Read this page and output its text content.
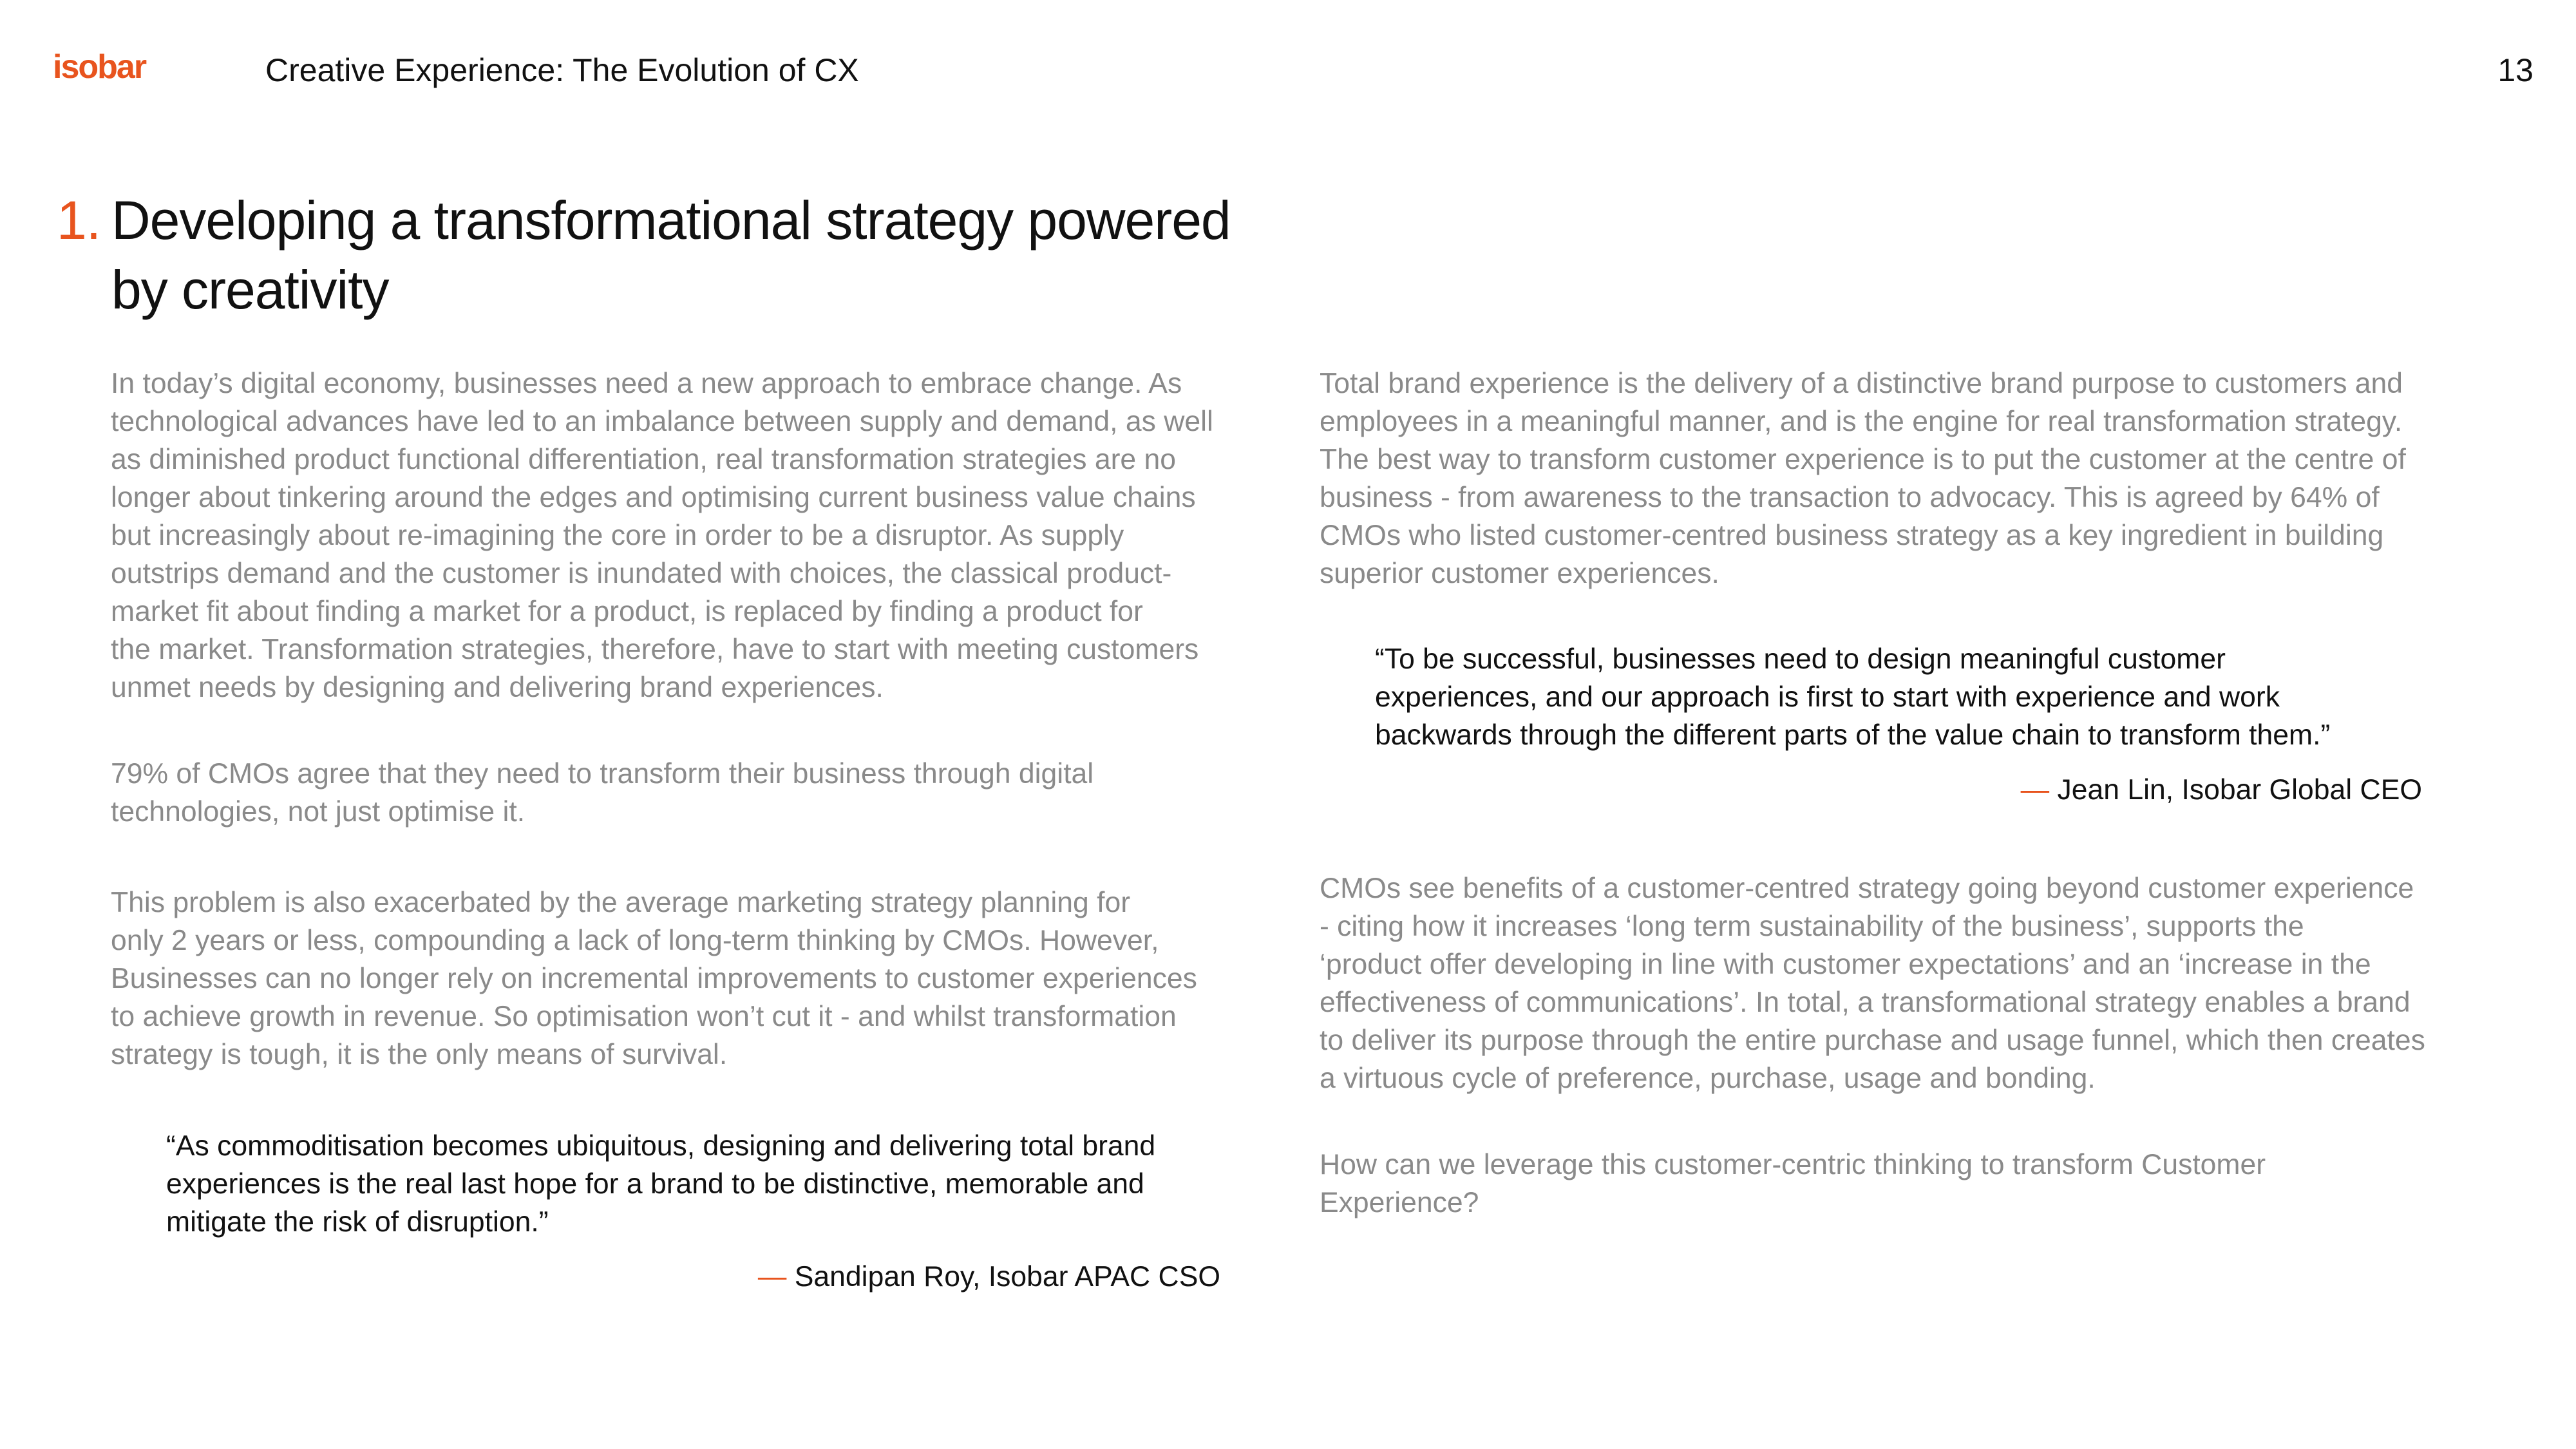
isobar	Creative Experience: The Evolution of CX	13
1. Developing a transformational strategy powered
by creativity

In today’s digital economy, businesses need a new approach to embrace change. As

technological advances have led to an imbalance between supply and demand, as well

as diminished product functional differentiation, real transformation strategies are no

longer about tinkering around the edges and optimising current business value chains

but increasingly about re-imagining the core in order to be a disruptor. As supply

outstrips demand and the customer is inundated with choices, the classical product-

market fit about finding a market for a product, is replaced by finding a product for

the market. Transformation strategies, therefore, have to start with meeting customers

unmet needs by designing and delivering brand experiences.

79% of CMOs agree that they need to transform their business through digital

technologies, not just optimise it.

This problem is also exacerbated by the average marketing strategy planning for

only 2 years or less, compounding a lack of long-term thinking by CMOs. However,

Businesses can no longer rely on incremental improvements to customer experiences

to achieve growth in revenue. So optimisation won’t cut it - and whilst transformation

strategy is tough, it is the only means of survival.

“As commoditisation becomes ubiquitous, designing and delivering total brand

experiences is the real last hope for a brand to be distinctive, memorable and

mitigate the risk of disruption.”

— Sandipan Roy, Isobar APAC CSO

Total brand experience is the delivery of a distinctive brand purpose to customers and

employees in a meaningful manner, and is the engine for real transformation strategy.

The best way to transform customer experience is to put the customer at the centre of

business - from awareness to the transaction to advocacy. This is agreed by 64% of

CMOs who listed customer-centred business strategy as a key ingredient in building

superior customer experiences.

“To be successful, businesses need to design meaningful customer

experiences, and our approach is first to start with experience and work

backwards through the different parts of the value chain to transform them.”

— Jean Lin, Isobar Global CEO

CMOs see benefits of a customer-centred strategy going beyond customer experience

- citing how it increases ‘long term sustainability of the business’, supports the

‘product offer developing in line with customer expectations’ and an ‘increase in the

effectiveness of communications’. In total, a transformational strategy enables a brand

to deliver its purpose through the entire purchase and usage funnel, which then creates

a virtuous cycle of preference, purchase, usage and bonding.

How can we leverage this customer-centric thinking to transform Customer

Experience?
